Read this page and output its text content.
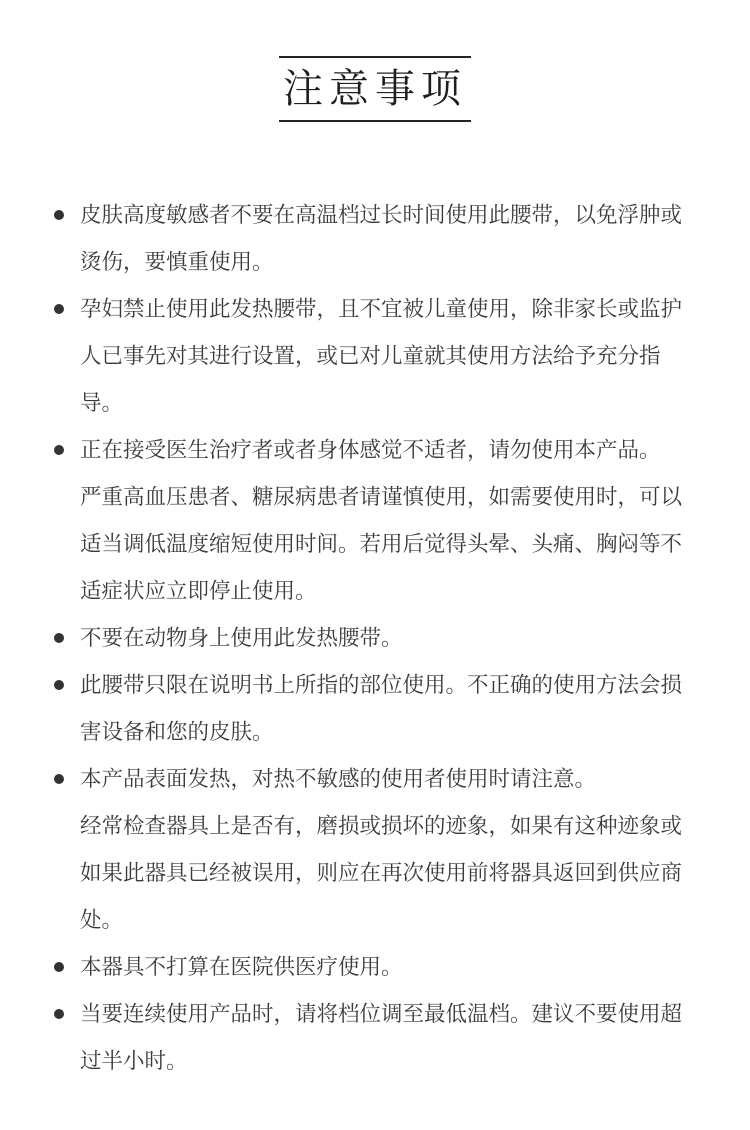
注意事项
皮肤高度敏感者不要在高温档过长时间使用此腰带，以免浮肿或烫伤，要慎重使用。
孕妇禁止使用此发热腰带，且不宜被儿童使用，除非家长或监护人已事先对其进行设置，或已对儿童就其使用方法给予充分指导。
正在接受医生治疗者或者身体感觉不适者，请勿使用本产品。
严重高血压患者、糖尿病患者请谨慎使用，如需要使用时，可以适当调低温度缩短使用时间。若用后觉得头晕、头痛、胸闷等不适症状应立即停止使用。
不要在动物身上使用此发热腰带。
此腰带只限在说明书上所指的部位使用。不正确的使用方法会损害设备和您的皮肤。
本产品表面发热，对热不敏感的使用者使用时请注意。
经常检查器具上是否有，磨损或损坏的迹象，如果有这种迹象或如果此器具已经被误用，则应在再次使用前将器具返回到供应商处。
本器具不打算在医院供医疗使用。
当要连续使用产品时，请将档位调至最低温档。建议不要使用超过半小时。
